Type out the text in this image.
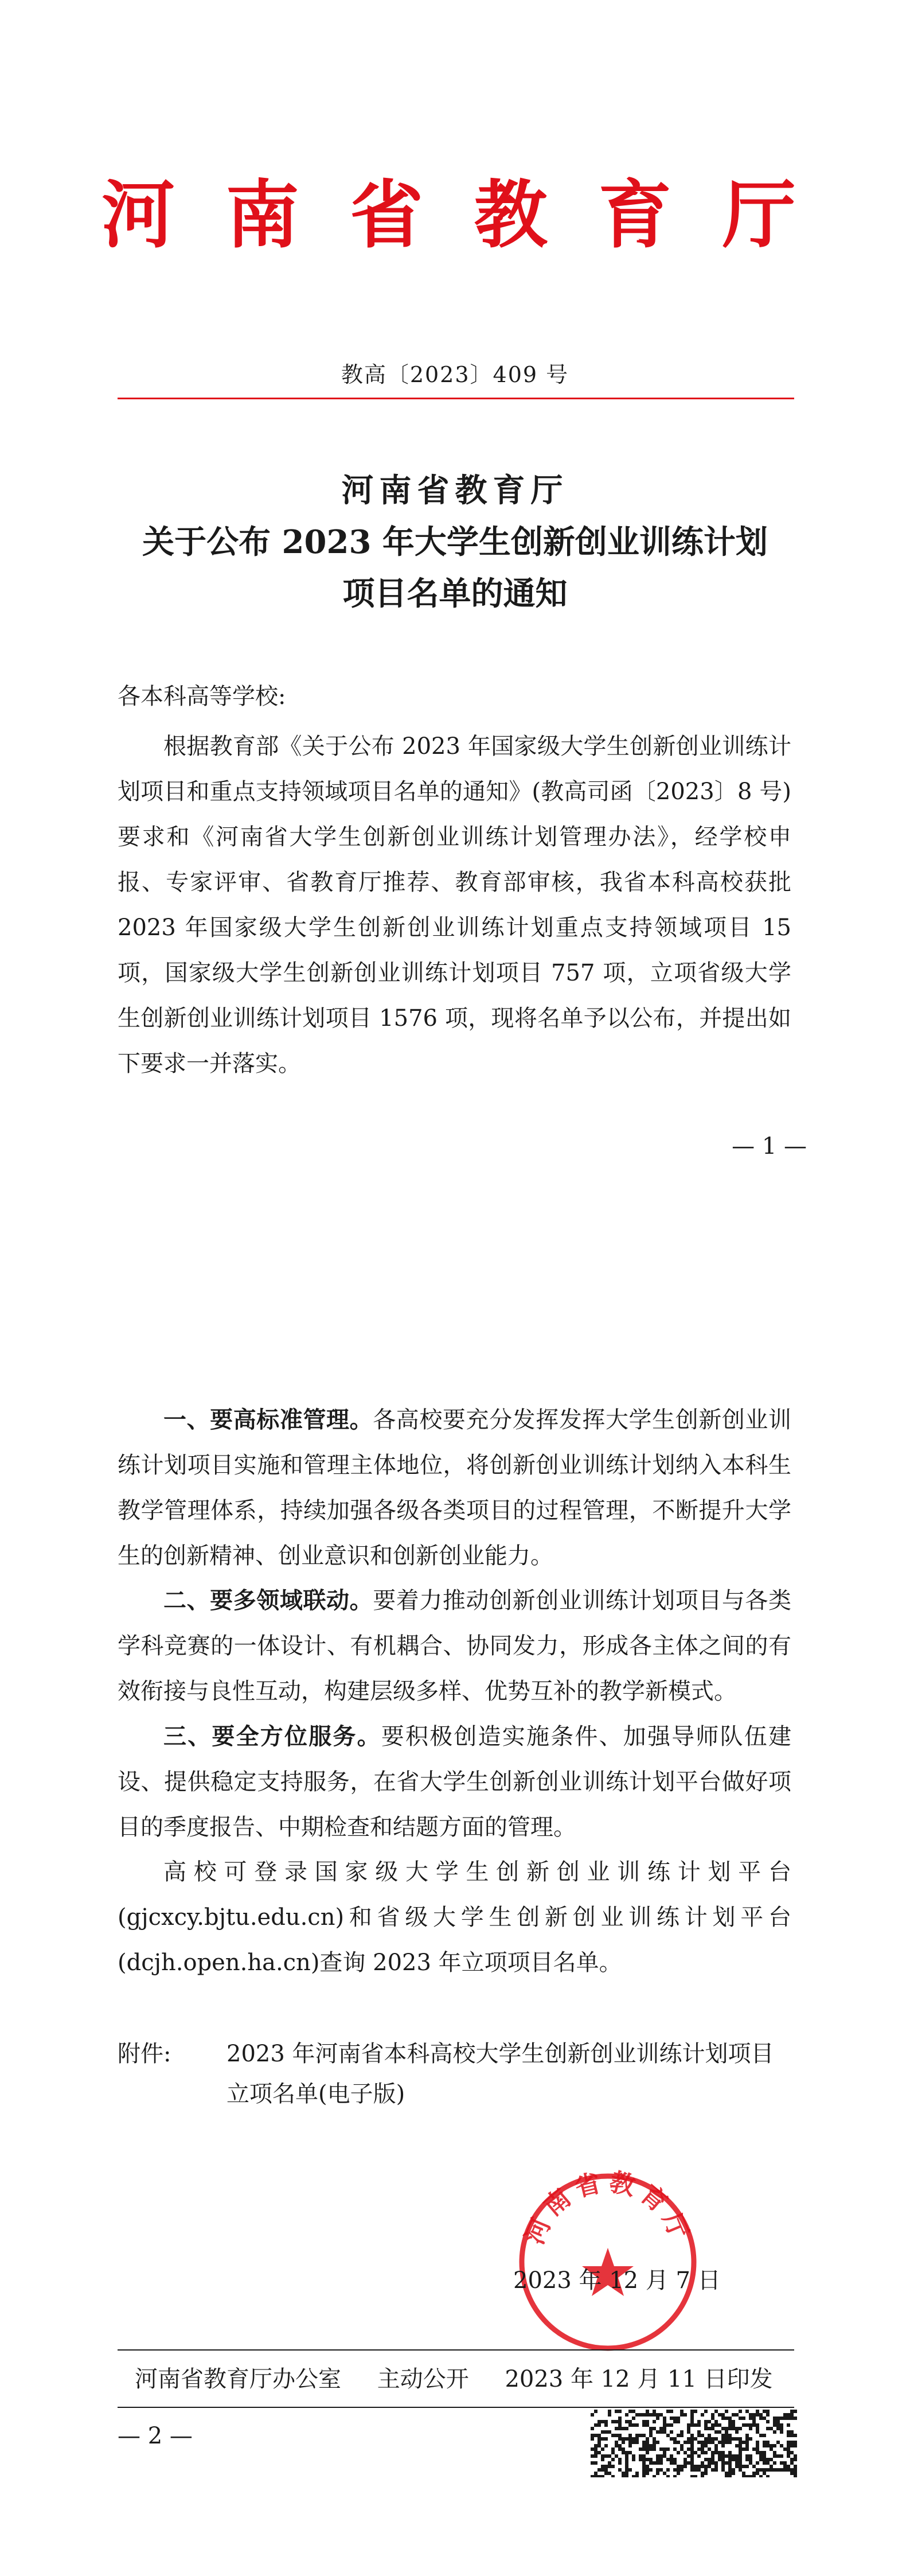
河 南 省 教 育 厅
教高〔2023〕409 号
河南省教育厅
关于公布 2023 年大学生创新创业训练计划
项目名单的通知
各本科高等学校:

根据教育部《关于公布 2023 年国家级大学生创新创业训练计划项目和重点支持领域项目名单的通知》(教高司函〔2023〕8 号)要求和《河南省大学生创新创业训练计划管理办法》，经学校申报、专家评审、省教育厅推荐、教育部审核，我省本科高校获批 2023 年国家级大学生创新创业训练计划重点支持领域项目 15 项，国家级大学生创新创业训练计划项目 757 项，立项省级大学生创新创业训练计划项目 1576 项，现将名单予以公布，并提出如下要求一并落实。

— 1 —

一、要高标准管理。各高校要充分发挥发挥大学生创新创业训练计划项目实施和管理主体地位，将创新创业训练计划纳入本科生教学管理体系，持续加强各级各类项目的过程管理，不断提升大学生的创新精神、创业意识和创新创业能力。

二、要多领域联动。要着力推动创新创业训练计划项目与各类学科竞赛的一体设计、有机耦合、协同发力，形成各主体之间的有效衔接与良性互动，构建层级多样、优势互补的教学新模式。

三、要全方位服务。要积极创造实施条件、加强导师队伍建设、提供稳定支持服务，在省大学生创新创业训练计划平台做好项目的季度报告、中期检查和结题方面的管理。

高校可登录国家级大学生创新创业训练计划平台(gjcxcy.bjtu.edu.cn)和省级大学生创新创业训练计划平台(dcjh.open.ha.cn)查询 2023 年立项项目名单。

附件: 2023 年河南省本科高校大学生创新创业训练计划项目
立项名单(电子版)
河南省教育厅
2023 年 12 月 7 日
河南省教育厅办公室 主动公开 2023 年 12 月 11 日印发
— 2 —
